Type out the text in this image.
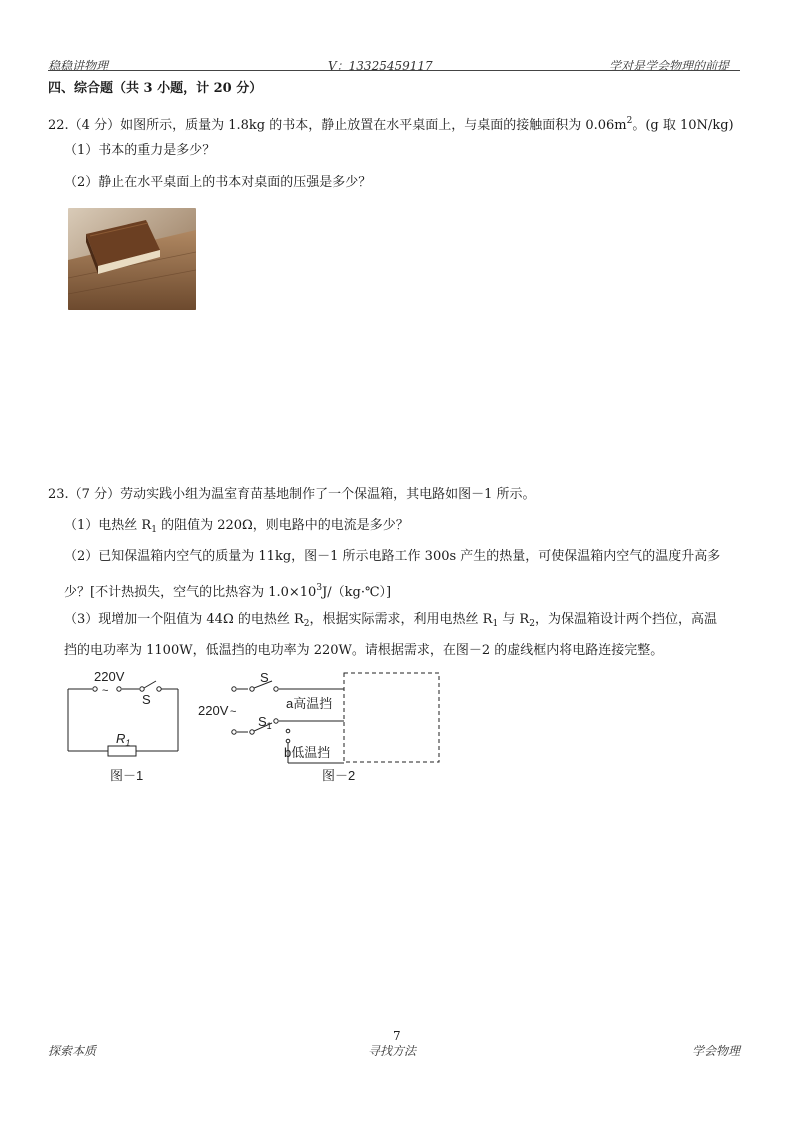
稳稳讲物理	V：13325459117	学对是学会物理的前提
四、综合题（共 3 小题，计 20 分）
22.（4 分）如图所示，质量为 1.8kg 的书本，静止放置在水平桌面上，与桌面的接触面积为 $0.06m^2$。(g 取 10N/kg)
（1）书本的重力是多少？
（2）静止在水平桌面上的书本对桌面的压强是多少？
23.（7 分）劳动实践小组为温室育苗基地制作了一个保温箱，其电路如图－1 所示。
（1）电热丝 $R_1$ 的阻值为 220Ω，则电路中的电流是多少？
（2）已知保温箱内空气的质量为 11kg，图－1 所示电路工作 300s 产生的热量，可使保温箱内空气的温度升高多
少？[不计热损失，空气的比热容为 $1.0\times 10^3J/(kg\cdot℃)$]
（3）现增加一个阻值为 44Ω 的电热丝 $R_2$，根据实际需求，利用电热丝 $R_1$ 与 $R_2$，为保温箱设计两个挡位，高温
挡的电功率为 1100W，低温挡的电功率为 220W。请根据需求，在图－2 的虚线框内将电路连接完整。
220V
~
S
$R_1$
图－1
S
220V ~
$S_1$
a高温挡
b低温挡
图－2
7
探索本质	寻找方法	学会物理
